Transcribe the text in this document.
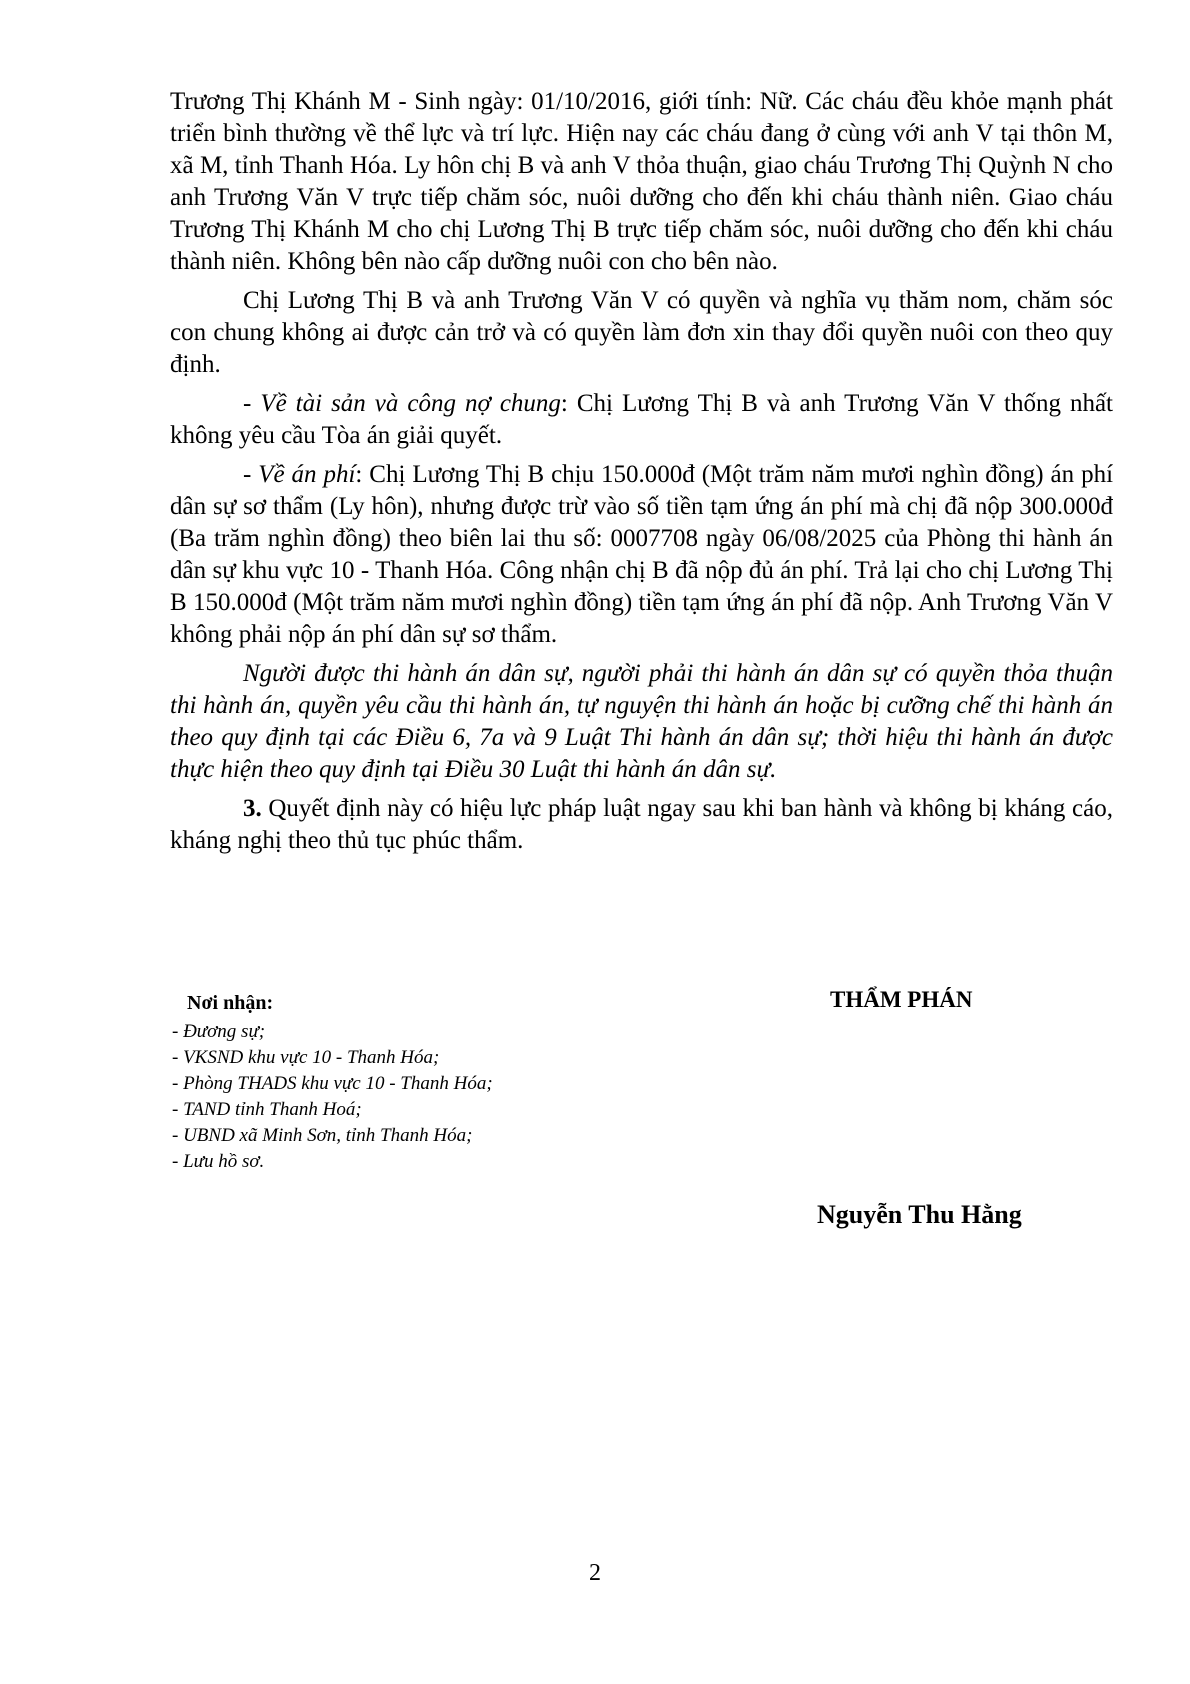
Trương Thị Khánh M - Sinh ngày: 01/10/2016, giới tính: Nữ. Các cháu đều khỏe mạnh phát triển bình thường về thể lực và trí lực. Hiện nay các cháu đang ở cùng với anh V tại thôn M, xã M, tỉnh Thanh Hóa. Ly hôn chị B và anh V thỏa thuận, giao cháu Trương Thị Quỳnh N cho anh Trương Văn V trực tiếp chăm sóc, nuôi dưỡng cho đến khi cháu thành niên. Giao cháu Trương Thị Khánh M cho chị Lương Thị B trực tiếp chăm sóc, nuôi dưỡng cho đến khi cháu thành niên. Không bên nào cấp dưỡng nuôi con cho bên nào.

Chị Lương Thị B và anh Trương Văn V có quyền và nghĩa vụ thăm nom, chăm sóc con chung không ai được cản trở và có quyền làm đơn xin thay đổi quyền nuôi con theo quy định.

- Về tài sản và công nợ chung: Chị Lương Thị B và anh Trương Văn V thống nhất không yêu cầu Tòa án giải quyết.

- Về án phí: Chị Lương Thị B chịu 150.000đ (Một trăm năm mươi nghìn đồng) án phí dân sự sơ thẩm (Ly hôn), nhưng được trừ vào số tiền tạm ứng án phí mà chị đã nộp 300.000đ (Ba trăm nghìn đồng) theo biên lai thu số: 0007708 ngày 06/08/2025 của Phòng thi hành án dân sự khu vực 10 - Thanh Hóa. Công nhận chị B đã nộp đủ án phí. Trả lại cho chị Lương Thị B 150.000đ (Một trăm năm mươi nghìn đồng) tiền tạm ứng án phí đã nộp. Anh Trương Văn V không phải nộp án phí dân sự sơ thẩm.

Người được thi hành án dân sự, người phải thi hành án dân sự có quyền thỏa thuận thi hành án, quyền yêu cầu thi hành án, tự nguyện thi hành án hoặc bị cưỡng chế thi hành án theo quy định tại các Điều 6, 7a và 9 Luật Thi hành án dân sự; thời hiệu thi hành án được thực hiện theo quy định tại Điều 30 Luật thi hành án dân sự.

3. Quyết định này có hiệu lực pháp luật ngay sau khi ban hành và không bị kháng cáo, kháng nghị theo thủ tục phúc thẩm.

Nơi nhận:
- Đương sự;
- VKSND khu vực 10 - Thanh Hóa;
- Phòng THADS khu vực 10 - Thanh Hóa;
- TAND tỉnh Thanh Hoá;
- UBND xã Minh Sơn, tỉnh Thanh Hóa;
- Lưu hồ sơ.
THẨM PHÁN
Nguyễn Thu Hằng
2
